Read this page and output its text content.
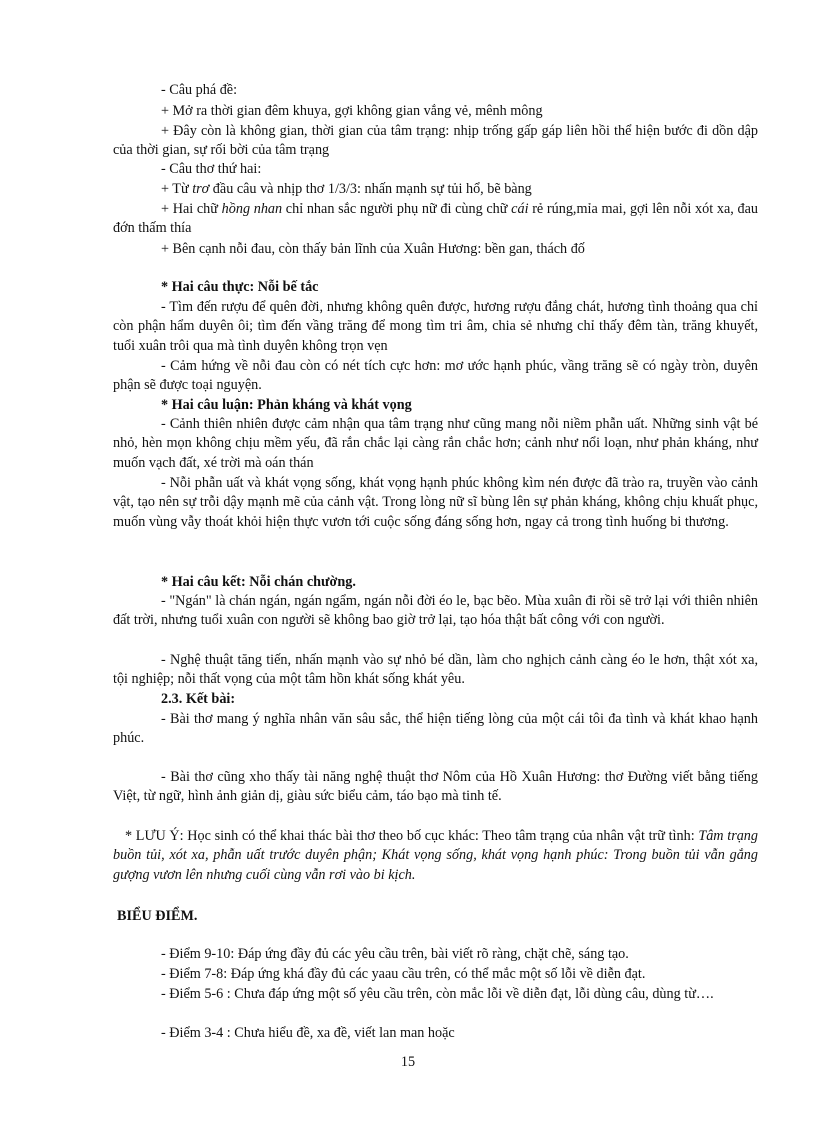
- Câu phá đề:

+ Mở ra thời gian đêm khuya, gợi không gian vắng vẻ, mênh mông

+ Đây còn là không gian, thời gian của tâm trạng: nhịp trống gấp gáp liên hồi thể hiện bước đi dồn dập của thời gian, sự rối bời của tâm trạng

- Câu thơ thứ hai:

+ Từ trơ đầu câu và nhịp thơ 1/3/3: nhấn mạnh sự tủi hổ, bẽ bàng

+ Hai chữ hồng nhan chỉ nhan sắc người phụ nữ đi cùng chữ cái rẻ rúng,mỉa mai, gợi lên nỗi xót xa, đau đớn thấm thía

+ Bên cạnh nỗi đau, còn thấy bản lĩnh của Xuân Hương: bền gan, thách đố

* Hai câu thực: Nỗi bế tắc

- Tìm đến rượu để quên đời, nhưng không quên được, hương rượu đắng chát, hương tình thoảng qua chỉ còn phận hẩm duyên ôi; tìm đến vầng trăng để mong tìm tri âm, chia sẻ nhưng chỉ thấy đêm tàn, trăng khuyết, tuổi xuân trôi qua mà tình duyên không trọn vẹn

- Cảm hứng về nỗi đau còn có nét tích cực hơn: mơ ước hạnh phúc, vầng trăng sẽ có ngày tròn, duyên phận sẽ được toại nguyện.

* Hai câu luận: Phản kháng và khát vọng

- Cảnh thiên nhiên được cảm nhận qua tâm trạng như cũng mang nỗi niềm phẫn uất. Những sinh vật bé nhỏ, hèn mọn không chịu mềm yếu, đã rắn chắc lại càng rắn chắc hơn; cảnh như nổi loạn, như phản kháng, như muốn vạch đất, xé trời mà oán thán

- Nỗi phẫn uất và khát vọng sống, khát vọng hạnh phúc không kìm nén được đã trào ra, truyền vào cảnh vật, tạo nên sự trỗi dậy mạnh mẽ của cảnh vật. Trong lòng nữ sĩ bùng lên sự phản kháng, không chịu khuất phục, muốn vùng vẫy thoát khỏi hiện thực vươn tới cuộc sống đáng sống hơn, ngay cả trong tình huống bi thương.

* Hai câu kết: Nỗi chán chường.

- "Ngán" là chán ngán, ngán ngẩm, ngán nỗi đời éo le, bạc bẽo. Mùa xuân đi rồi sẽ trở lại với thiên nhiên đất trời, nhưng tuổi xuân con người sẽ không bao giờ trở lại, tạo hóa thật bất công với con người.

- Nghệ thuật tăng tiến, nhấn mạnh vào sự nhỏ bé dần, làm cho nghịch cảnh càng éo le hơn, thật xót xa, tội nghiệp; nỗi thất vọng của một tâm hồn khát sống khát yêu.

2.3. Kết bài:

- Bài thơ mang ý nghĩa nhân văn sâu sắc, thể hiện tiếng lòng của một cái tôi đa tình và khát khao hạnh phúc.

- Bài thơ cũng xho thấy tài năng nghệ thuật thơ Nôm của Hồ Xuân Hương: thơ Đường viết bằng tiếng Việt, từ ngữ, hình ảnh giản dị, giàu sức biểu cảm, táo bạo mà tinh tế.

* LƯU Ý: Học sinh có thể khai thác bài thơ theo bố cục khác: Theo tâm trạng của nhân vật trữ tình: Tâm trạng buồn tủi, xót xa, phẫn uất trước duyên phận; Khát vọng sống, khát vọng hạnh phúc: Trong buồn tủi vẫn gắng gượng vươn lên nhưng cuối cùng vẫn rơi vào bi kịch.

BIỂU ĐIỂM.

- Điểm 9-10: Đáp ứng đầy đủ các yêu cầu trên, bài viết rõ ràng, chặt chẽ, sáng tạo.

- Điểm 7-8: Đáp ứng khá đầy đủ các yaau cầu trên, có thể mắc một số lỗi về diễn đạt.

- Điểm 5-6 : Chưa đáp ứng một số yêu cầu trên, còn mắc lỗi về diễn đạt, lỗi dùng câu, dùng từ….

- Điểm 3-4 : Chưa hiểu đề, xa đề, viết lan man hoặc

15
